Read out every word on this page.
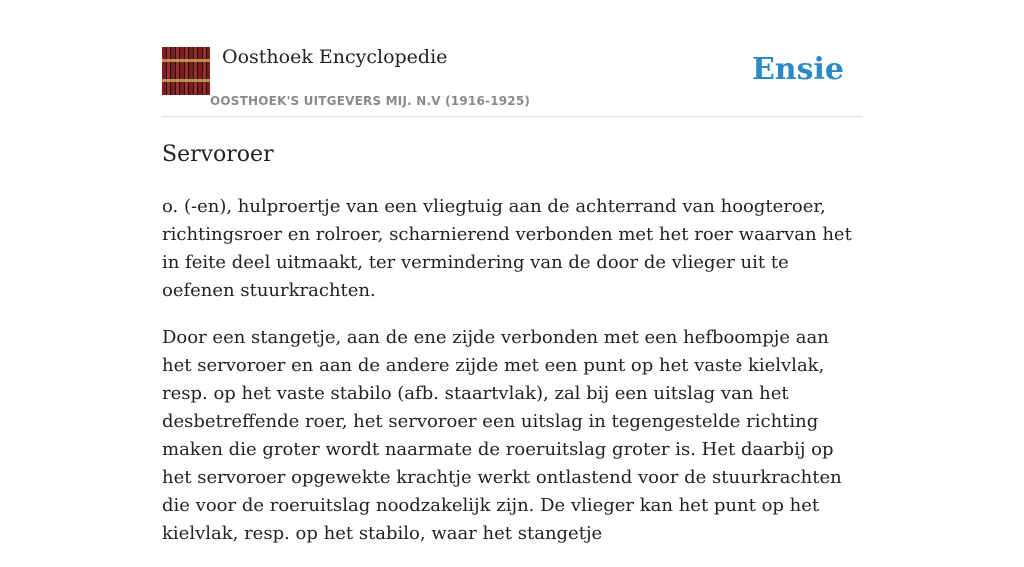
Oosthoek Encyclopedie
OOSTHOEK'S UITGEVERS MIJ. N.V (1916-1925)
Ensie
Servoroer

o. (-en), hulproertje van een vliegtuig aan de achterrand van hoogteroer, richtingsroer en rolroer, scharnierend verbonden met het roer waarvan het in feite deel uitmaakt, ter vermindering van de door de vlieger uit te oefenen stuurkrachten.

Door een stangetje, aan de ene zijde verbonden met een hefboompje aan het servoroer en aan de andere zijde met een punt op het vaste kielvlak, resp. op het vaste stabilo (afb. staartvlak), zal bij een uitslag van het desbetreffende roer, het servoroer een uitslag in tegengestelde richting maken die groter wordt naarmate de roeruitslag groter is. Het daarbij op het servoroer opgewekte krachtje werkt ontlastend voor de stuurkrachten die voor de roeruitslag noodzakelijk zijn. De vlieger kan het punt op het kielvlak, resp. op het stabilo, waar het stangetje
